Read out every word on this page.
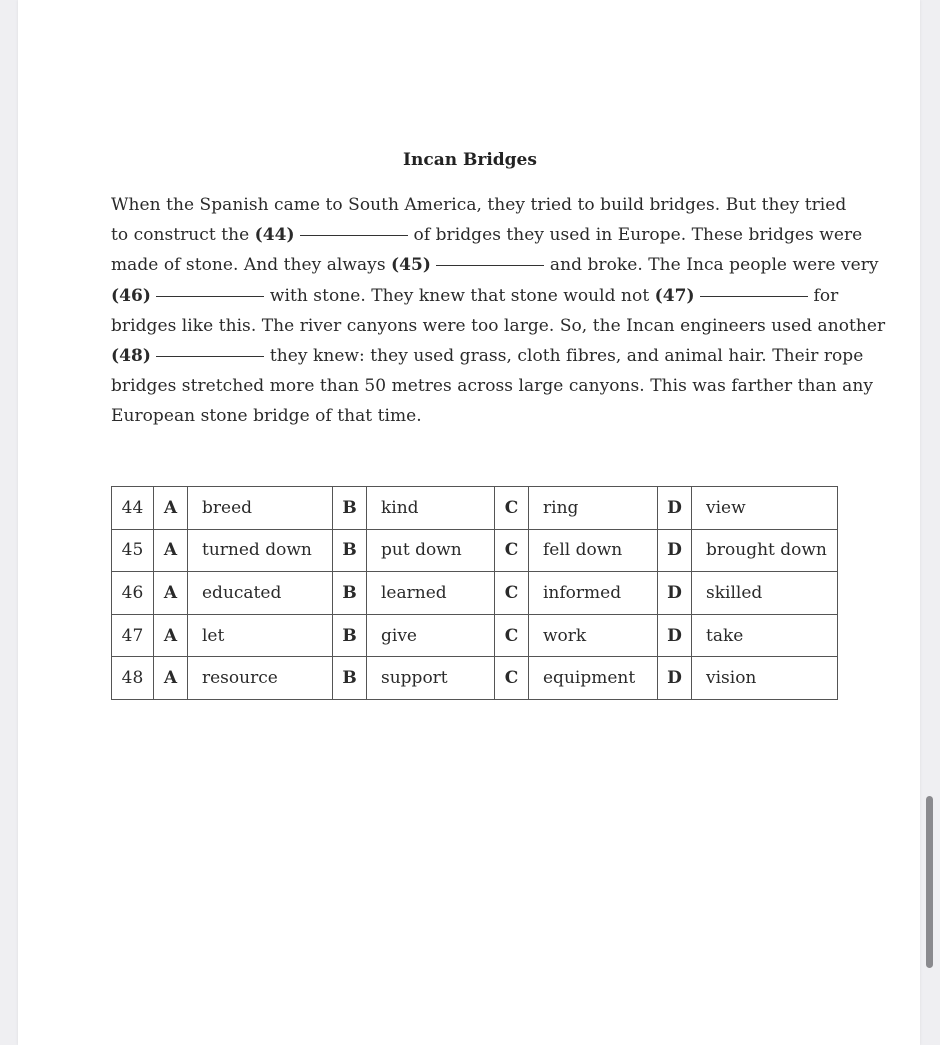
Incan Bridges
When the Spanish came to South America, they tried to build bridges. But they tried
to construct the (44)	of bridges they used in Europe. These bridges were
made of stone. And they always (45)	and broke. The Inca people were very
(46)	with stone. They knew that stone would not (47)	for
bridges like this. The river canyons were too large. So, the Incan engineers used another
(48)	they knew: they used grass, cloth fibres, and animal hair. Their rope
bridges stretched more than 50 metres across large canyons. This was farther than any
European stone bridge of that time.
44	A	breed	B	kind	C	ring	D	view
45	A	turned down	B	put down	C	fell down	D	brought down
46	A	educated	B	learned	C	informed	D	skilled
47	A	let	B	give	C	work	D	take
48	A	resource	B	support	C	equipment	D	vision
